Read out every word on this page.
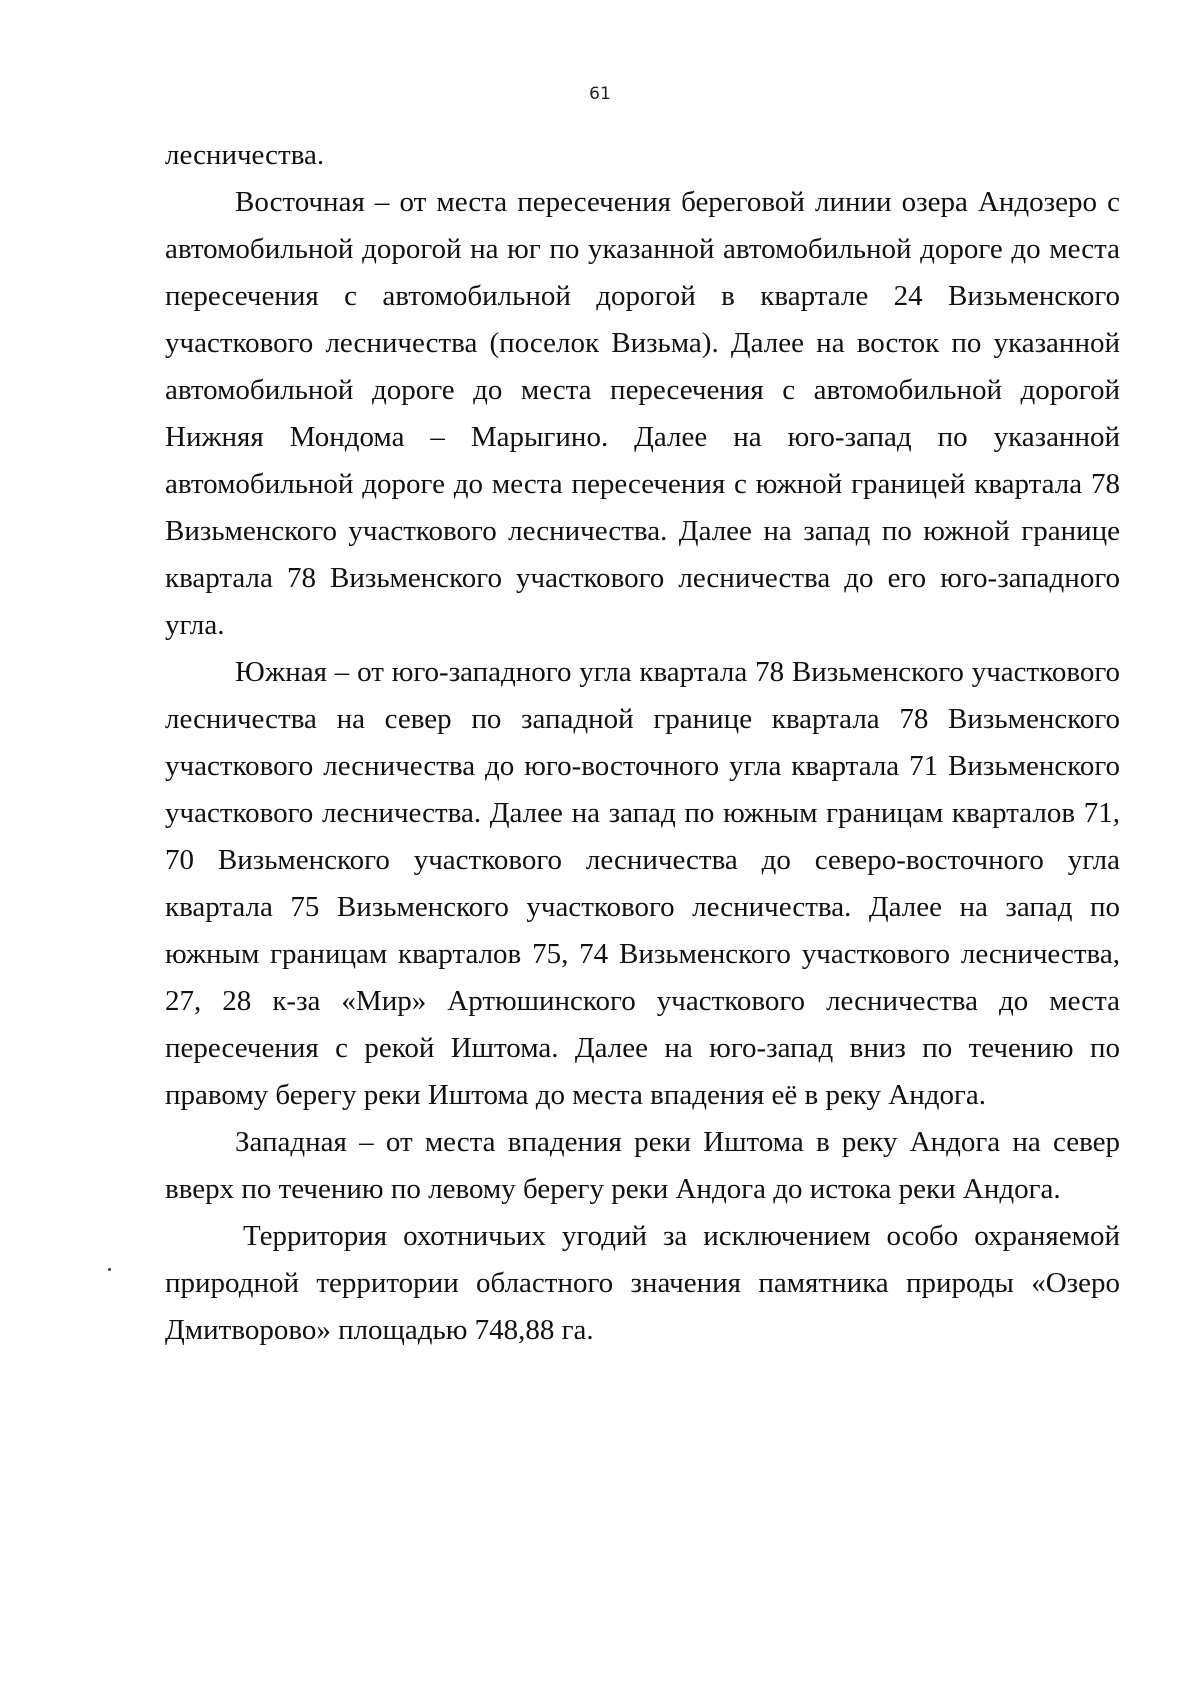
61

лесничества.

Восточная – от места пересечения береговой линии озера Андозеро с автомобильной дорогой на юг по указанной автомобильной дороге до места пересечения с автомобильной дорогой в квартале 24 Визьменского участкового лесничества (поселок Визьма). Далее на восток по указанной автомобильной дороге до места пересечения с автомобильной дорогой Нижняя Мондома – Марыгино. Далее на юго-запад по указанной автомобильной дороге до места пересечения с южной границей квартала 78 Визьменского участкового лесничества. Далее на запад по южной границе квартала 78 Визьменского участкового лесничества до его юго-западного угла.

Южная – от юго-западного угла квартала 78 Визьменского участкового лесничества на север по западной границе квартала 78 Визьменского участкового лесничества до юго-восточного угла квартала 71 Визьменского участкового лесничества. Далее на запад по южным границам кварталов 71, 70 Визьменского участкового лесничества до северо-восточного угла квартала 75 Визьменского участкового лесничества. Далее на запад по южным границам кварталов 75, 74 Визьменского участкового лесничества, 27, 28 к-за «Мир» Артюшинского участкового лесничества до места пересечения с рекой Иштома. Далее на юго-запад вниз по течению по правому берегу реки Иштома до места впадения её в реку Андога.

Западная – от места впадения реки Иштома в реку Андога на север вверх по течению по левому берегу реки Андога до истока реки Андога.

Территория охотничьих угодий за исключением особо охраняемой природной территории областного значения памятника природы «Озеро Дмитворово» площадью 748,88 га.
